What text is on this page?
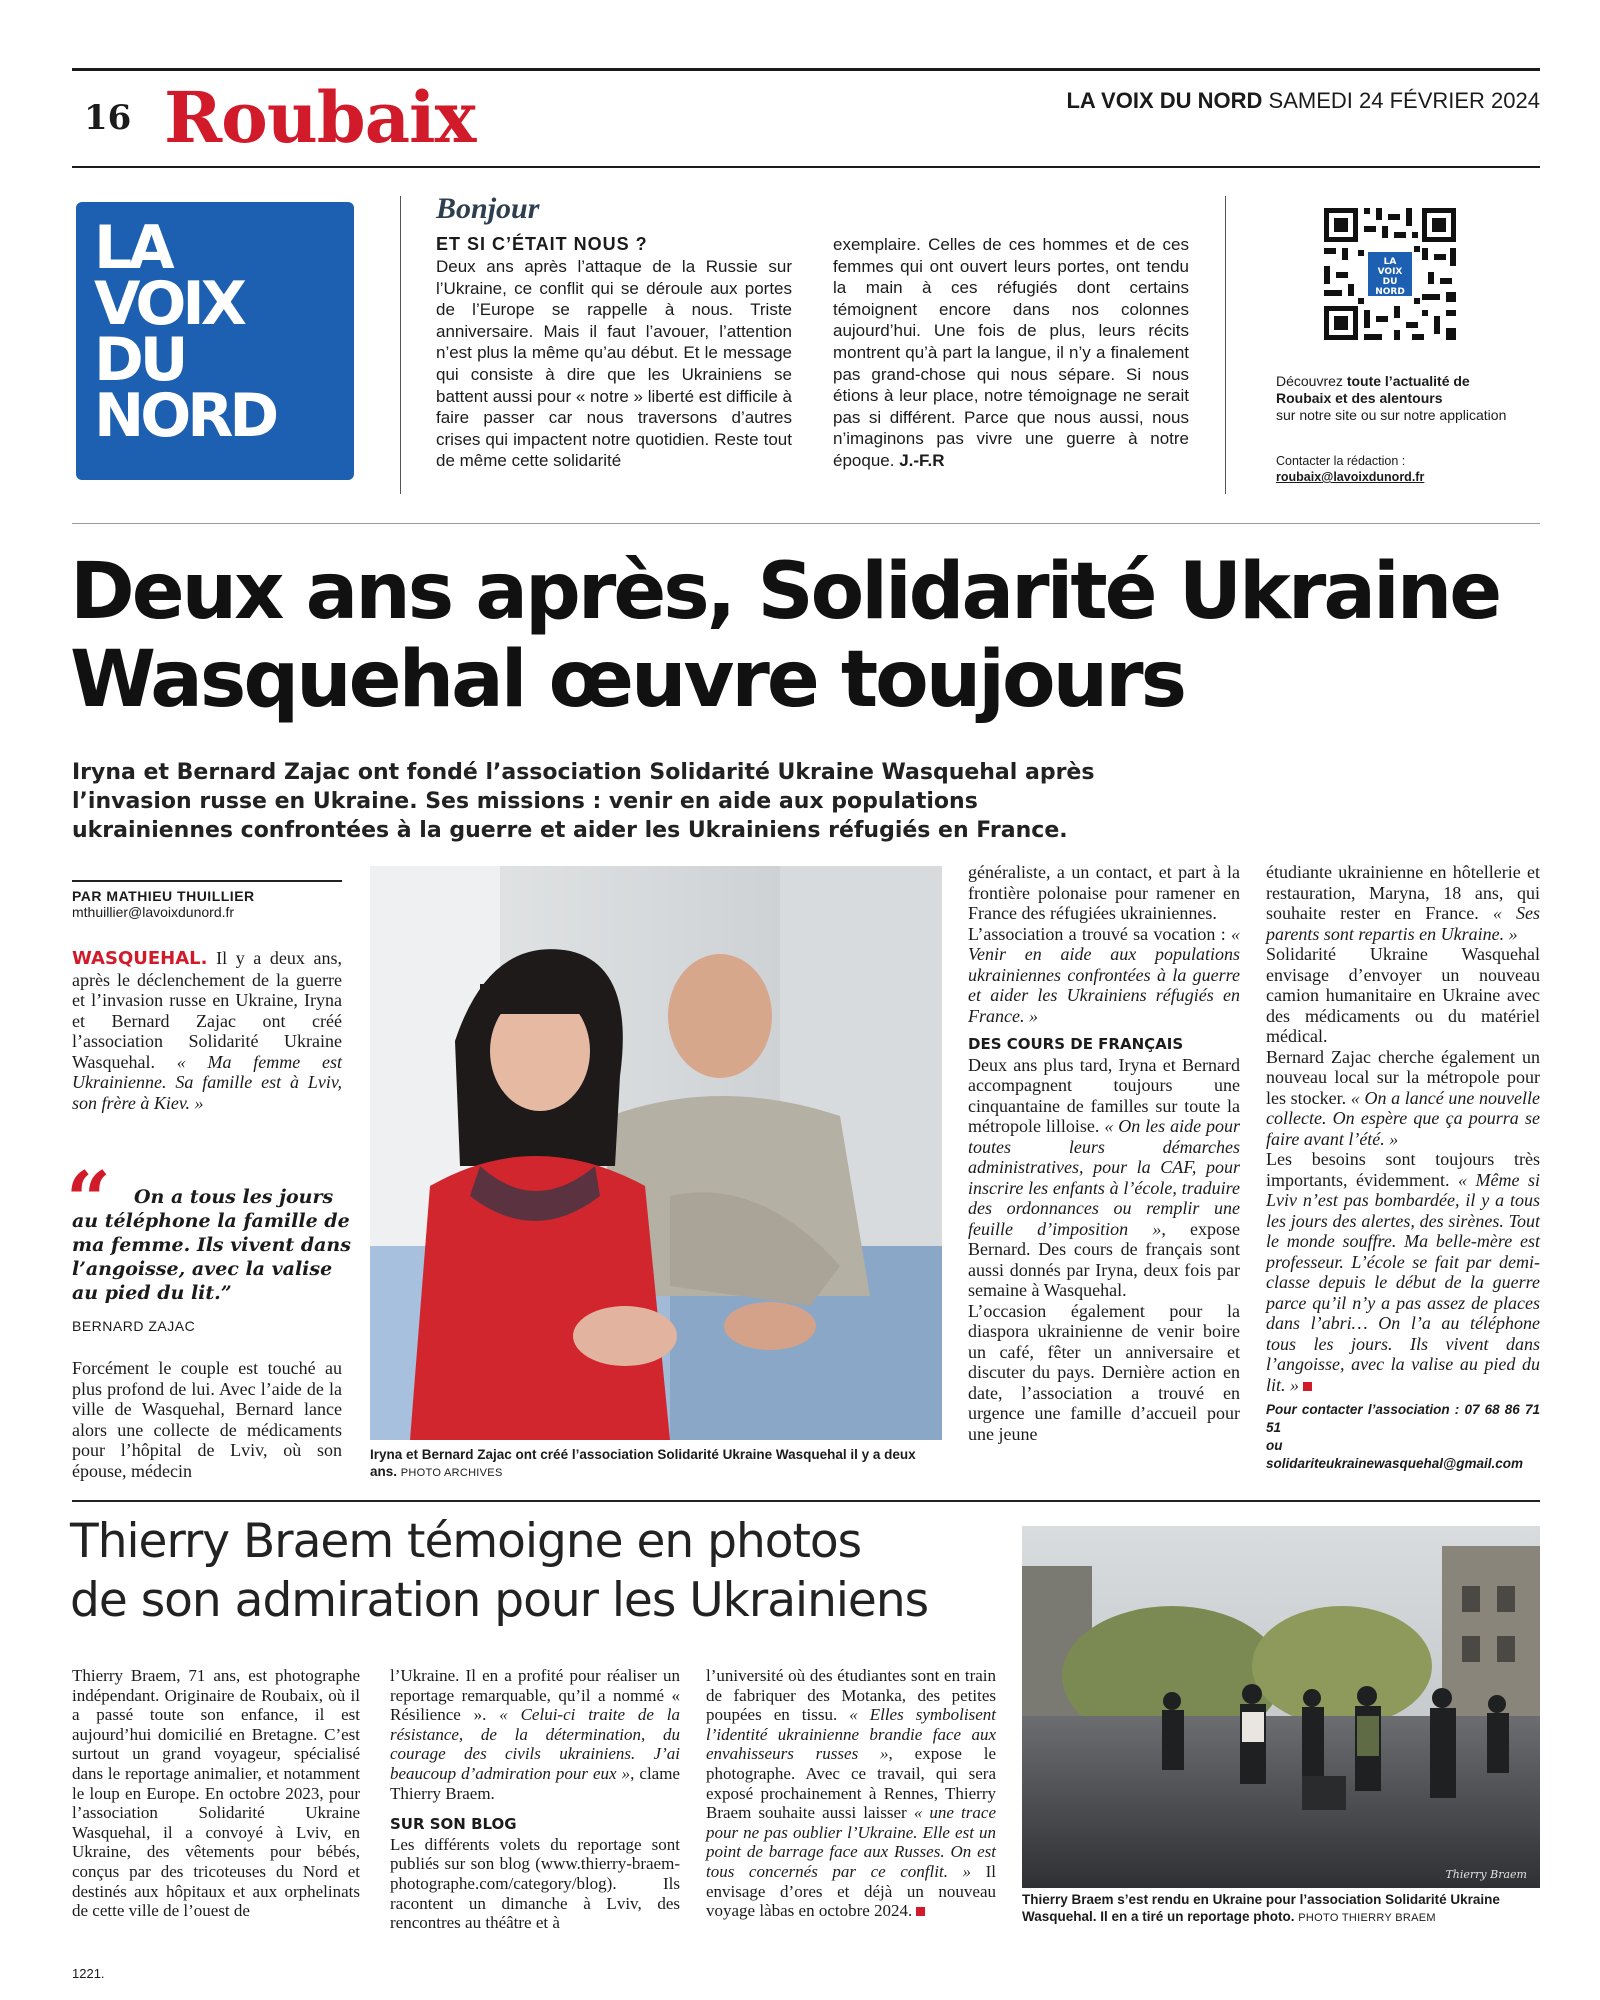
16 Roubaix	LA VOIX DU NORD SAMEDI 24 FÉVRIER 2024
LA
VOIX
DU
NORD
Bonjour
ET SI C’ÉTAIT NOUS ?
Deux ans après l’attaque de la Russie sur l’Ukraine, ce conflit qui se déroule aux portes de l’Europe se rappelle à nous. Triste anniversaire. Mais il faut l’avouer, l’attention n’est plus la même qu’au début. Et le message qui consiste à dire que les Ukrainiens se battent aussi pour « notre » liberté est difficile à faire passer car nous traversons d’autres crises qui impactent notre quotidien. Reste tout de même cette solidarité
exemplaire. Celles de ces hommes et de ces femmes qui ont ouvert leurs portes, ont tendu la main à ces réfugiés dont certains témoignent encore dans nos colonnes aujourd’hui. Une fois de plus, leurs récits montrent qu’à part la langue, il n’y a finalement pas grand-chose qui nous sépare. Si nous étions à leur place, notre témoignage ne serait pas si différent. Parce que nous aussi, nous n’imaginons pas vivre une guerre à notre époque. J.-F.R
LA
VOIX
DU
NORD
Découvrez toute l’actualité de Roubaix et des alentours
sur notre site ou sur notre application
Contacter la rédaction :
roubaix@lavoixdunord.fr
Deux ans après, Solidarité Ukraine
Wasquehal œuvre toujours
Iryna et Bernard Zajac ont fondé l’association Solidarité Ukraine Wasquehal après l’invasion russe en Ukraine. Ses missions : venir en aide aux populations ukrainiennes confrontées à la guerre et aider les Ukrainiens réfugiés en France.
PAR MATHIEU THUILLIER
mthuillier@lavoixdunord.fr
WASQUEHAL. Il y a deux ans, après le déclenchement de la guerre et l’invasion russe en Ukraine, Iryna et Bernard Zajac ont créé l’association Solidarité Ukraine Wasquehal. « Ma femme est Ukrainienne. Sa famille est à Lviv, son frère à Kiev. »
“	On a tous les jours au téléphone la famille de ma femme. Ils vivent dans l’angoisse, avec la valise au pied du lit.”
BERNARD ZAJAC
Forcément le couple est touché au plus profond de lui. Avec l’aide de la ville de Wasquehal, Bernard lance alors une collecte de médicaments pour l’hôpital de Lviv, où son épouse, médecin
Iryna et Bernard Zajac ont créé l’association Solidarité Ukraine Wasquehal il y a deux ans. PHOTO ARCHIVES
généraliste, a un contact, et part à la frontière polonaise pour ramener en France des réfugiées ukrainiennes.
L’association a trouvé sa vocation : « Venir en aide aux populations ukrainiennes confrontées à la guerre et aider les Ukrainiens réfugiés en France. »
DES COURS DE FRANÇAIS
Deux ans plus tard, Iryna et Bernard accompagnent toujours une cinquantaine de familles sur toute la métropole lilloise. « On les aide pour toutes leurs démarches administratives, pour la CAF, pour inscrire les enfants à l’école, traduire des ordonnances ou remplir une feuille d’imposition », expose Bernard. Des cours de français sont aussi donnés par Iryna, deux fois par semaine à Wasquehal.
L’occasion également pour la diaspora ukrainienne de venir boire un café, fêter un anniversaire et discuter du pays. Dernière action en date, l’association a trouvé en urgence une famille d’accueil pour une jeune
étudiante ukrainienne en hôtellerie et restauration, Maryna, 18 ans, qui souhaite rester en France. « Ses parents sont repartis en Ukraine. »
Solidarité Ukraine Wasquehal envisage d’envoyer un nouveau camion humanitaire en Ukraine avec des médicaments ou du matériel médical.
Bernard Zajac cherche également un nouveau local sur la métropole pour les stocker. « On a lancé une nouvelle collecte. On espère que ça pourra se faire avant l’été. »
Les besoins sont toujours très importants, évidemment. « Même si Lviv n’est pas bombardée, il y a tous les jours des alertes, des sirènes. Tout le monde souffre. Ma belle-mère est professeur. L’école se fait par demi-classe depuis le début de la guerre parce qu’il n’y a pas assez de places dans l’abri… On l’a au téléphone tous les jours. Ils vivent dans l’angoisse, avec la valise au pied du lit. »
Pour contacter l’association : 07 68 86 71 51
ou solidariteukrainewasquehal@gmail.com
Thierry Braem témoigne en photos
de son admiration pour les Ukrainiens
Thierry Braem, 71 ans, est photographe indépendant. Originaire de Roubaix, où il a passé toute son enfance, il est aujourd’hui domicilié en Bretagne. C’est surtout un grand voyageur, spécialisé dans le reportage animalier, et notamment le loup en Europe. En octobre 2023, pour l’association Solidarité Ukraine Wasquehal, il a convoyé à Lviv, en Ukraine, des vêtements pour bébés, conçus par des tricoteuses du Nord et destinés aux hôpitaux et aux orphelinats de cette ville de l’ouest de
l’Ukraine. Il en a profité pour réaliser un reportage remarquable, qu’il a nommé « Résilience ». « Celui-ci traite de la résistance, de la détermination, du courage des civils ukrainiens. J’ai beaucoup d’admiration pour eux », clame Thierry Braem.
SUR SON BLOG
Les différents volets du reportage sont publiés sur son blog (www.thierry-braem-photographe.com/category/blog). Ils racontent un dimanche à Lviv, des rencontres au théâtre et à
l’université où des étudiantes sont en train de fabriquer des Motanka, des petites poupées en tissu. « Elles symbolisent l’identité ukrainienne brandie face aux envahisseurs russes », expose le photographe. Avec ce travail, qui sera exposé prochainement à Rennes, Thierry Braem souhaite aussi laisser « une trace pour ne pas oublier l’Ukraine. Elle est un point de barrage face aux Russes. On est tous concernés par ce conflit. » Il envisage d’ores et déjà un nouveau voyage làbas en octobre 2024.
Thierry Braem
Thierry Braem s’est rendu en Ukraine pour l’association Solidarité Ukraine Wasquehal. Il en a tiré un reportage photo. PHOTO THIERRY BRAEM
1221.
